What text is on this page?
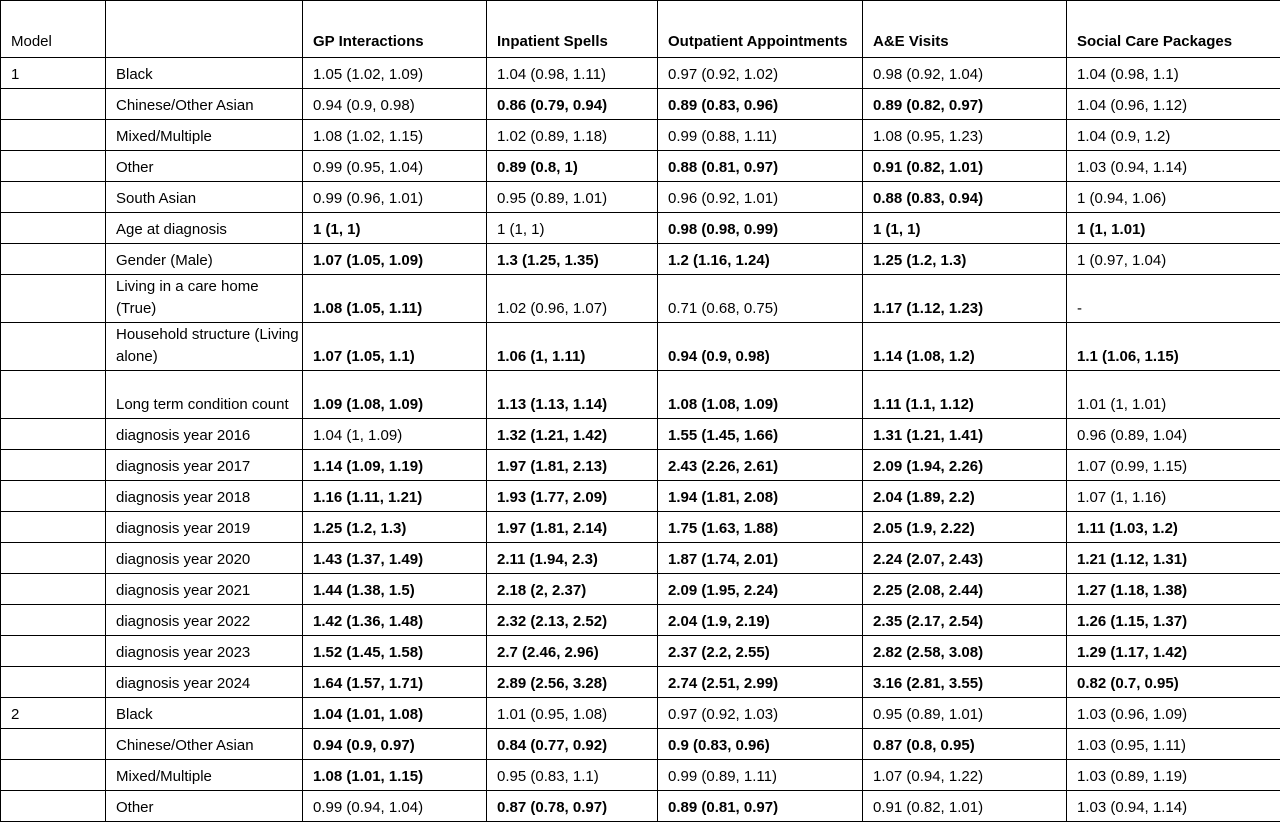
Model		GP Interactions	Inpatient Spells	Outpatient Appointments	A&E Visits	Social Care Packages
1	Black	1.05 (1.02, 1.09)	1.04 (0.98, 1.11)	0.97 (0.92, 1.02)	0.98 (0.92, 1.04)	1.04 (0.98, 1.1)
	Chinese/Other Asian	0.94 (0.9, 0.98)	0.86 (0.79, 0.94)	0.89 (0.83, 0.96)	0.89 (0.82, 0.97)	1.04 (0.96, 1.12)
	Mixed/Multiple	1.08 (1.02, 1.15)	1.02 (0.89, 1.18)	0.99 (0.88, 1.11)	1.08 (0.95, 1.23)	1.04 (0.9, 1.2)
	Other	0.99 (0.95, 1.04)	0.89 (0.8, 1)	0.88 (0.81, 0.97)	0.91 (0.82, 1.01)	1.03 (0.94, 1.14)
	South Asian	0.99 (0.96, 1.01)	0.95 (0.89, 1.01)	0.96 (0.92, 1.01)	0.88 (0.83, 0.94)	1 (0.94, 1.06)
	Age at diagnosis	1 (1, 1)	1 (1, 1)	0.98 (0.98, 0.99)	1 (1, 1)	1 (1, 1.01)
	Gender (Male)	1.07 (1.05, 1.09)	1.3 (1.25, 1.35)	1.2 (1.16, 1.24)	1.25 (1.2, 1.3)	1 (0.97, 1.04)
	Living in a care home (True)	1.08 (1.05, 1.11)	1.02 (0.96, 1.07)	0.71 (0.68, 0.75)	1.17 (1.12, 1.23)	-
	Household structure (Living alone)	1.07 (1.05, 1.1)	1.06 (1, 1.11)	0.94 (0.9, 0.98)	1.14 (1.08, 1.2)	1.1 (1.06, 1.15)
	Long term condition count	1.09 (1.08, 1.09)	1.13 (1.13, 1.14)	1.08 (1.08, 1.09)	1.11 (1.1, 1.12)	1.01 (1, 1.01)
	diagnosis year 2016	1.04 (1, 1.09)	1.32 (1.21, 1.42)	1.55 (1.45, 1.66)	1.31 (1.21, 1.41)	0.96 (0.89, 1.04)
	diagnosis year 2017	1.14 (1.09, 1.19)	1.97 (1.81, 2.13)	2.43 (2.26, 2.61)	2.09 (1.94, 2.26)	1.07 (0.99, 1.15)
	diagnosis year 2018	1.16 (1.11, 1.21)	1.93 (1.77, 2.09)	1.94 (1.81, 2.08)	2.04 (1.89, 2.2)	1.07 (1, 1.16)
	diagnosis year 2019	1.25 (1.2, 1.3)	1.97 (1.81, 2.14)	1.75 (1.63, 1.88)	2.05 (1.9, 2.22)	1.11 (1.03, 1.2)
	diagnosis year 2020	1.43 (1.37, 1.49)	2.11 (1.94, 2.3)	1.87 (1.74, 2.01)	2.24 (2.07, 2.43)	1.21 (1.12, 1.31)
	diagnosis year 2021	1.44 (1.38, 1.5)	2.18 (2, 2.37)	2.09 (1.95, 2.24)	2.25 (2.08, 2.44)	1.27 (1.18, 1.38)
	diagnosis year 2022	1.42 (1.36, 1.48)	2.32 (2.13, 2.52)	2.04 (1.9, 2.19)	2.35 (2.17, 2.54)	1.26 (1.15, 1.37)
	diagnosis year 2023	1.52 (1.45, 1.58)	2.7 (2.46, 2.96)	2.37 (2.2, 2.55)	2.82 (2.58, 3.08)	1.29 (1.17, 1.42)
	diagnosis year 2024	1.64 (1.57, 1.71)	2.89 (2.56, 3.28)	2.74 (2.51, 2.99)	3.16 (2.81, 3.55)	0.82 (0.7, 0.95)
2	Black	1.04 (1.01, 1.08)	1.01 (0.95, 1.08)	0.97 (0.92, 1.03)	0.95 (0.89, 1.01)	1.03 (0.96, 1.09)
	Chinese/Other Asian	0.94 (0.9, 0.97)	0.84 (0.77, 0.92)	0.9 (0.83, 0.96)	0.87 (0.8, 0.95)	1.03 (0.95, 1.11)
	Mixed/Multiple	1.08 (1.01, 1.15)	0.95 (0.83, 1.1)	0.99 (0.89, 1.11)	1.07 (0.94, 1.22)	1.03 (0.89, 1.19)
	Other	0.99 (0.94, 1.04)	0.87 (0.78, 0.97)	0.89 (0.81, 0.97)	0.91 (0.82, 1.01)	1.03 (0.94, 1.14)
